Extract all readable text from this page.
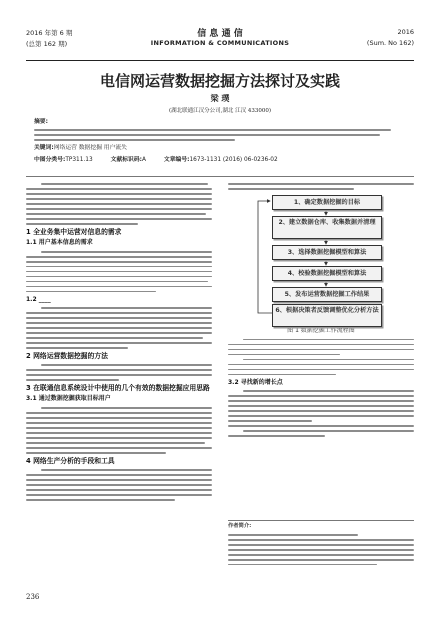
2016 年第 6 期
(总第 162 期)
信 息 通 信
INFORMATION & COMMUNICATIONS
2016
(Sum. No 162)
电信网运营数据挖掘方法探讨及实践
梁 璞
(湖北联通江汉分公司,湖北 江汉 433000)
摘要:
关键词:网络运营 数据挖掘 用户流失
中图分类号:TP311.13	文献标识码:A	文章编号:1673-1131 (2016) 06-0236-02

1 全业务集中运营对信息的需求
1.1 用户基本信息的需求

1.2 ____

2 网络运营数据挖掘的方法

3 在联通信息系统设计中使用的几个有效的数据挖掘应用思路
3.1 通过数据挖掘获取目标用户

4 网络生产分析的手段和工具

1、确定数据挖掘的目标
2、建立数据仓库、收集数据并清理
3、选择数据挖掘模型和算法
4、校验数据挖掘模型和算法
5、发布运营数据挖掘工作结果
6、根据决策者反馈调整优化分析方法
图 1 数据挖掘工作流程图

3.2 寻找新的增长点

作者简介:
236
